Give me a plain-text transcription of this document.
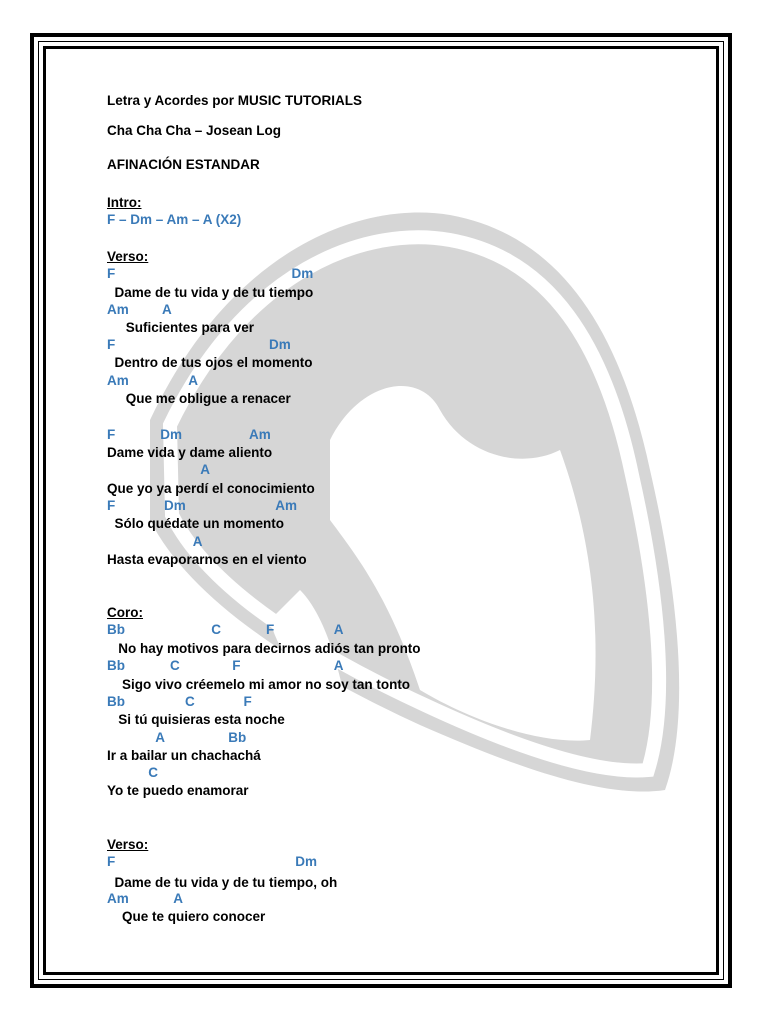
Letra y Acordes por MUSIC TUTORIALS
Cha Cha Cha – Josean Log
AFINACIÓN ESTANDAR
Intro:
F – Dm – Am – A (X2)
Verso:
F                                               Dm
Dame de tu vida y de tu tiempo
Am         A
Suficientes para ver
F                                         Dm
Dentro de tus ojos el momento
Am                A
Que me obligue a renacer
F            Dm                  Am
Dame vida y dame aliento
A
Que yo ya perdí el conocimiento
F             Dm                        Am
Sólo quédate un momento
A
Hasta evaporarnos en el viento
Coro:
Bb                       C            F                A
No hay motivos para decirnos adiós tan pronto
Bb            C              F                         A
Sigo vivo créemelo mi amor no soy tan tonto
Bb                C             F
Si tú quisieras esta noche
A                 Bb
Ir a bailar un chachachá
C
Yo te puedo enamorar
Verso:
F                                                Dm
Dame de tu vida y de tu tiempo, oh
Am            A
Que te quiero conocer
